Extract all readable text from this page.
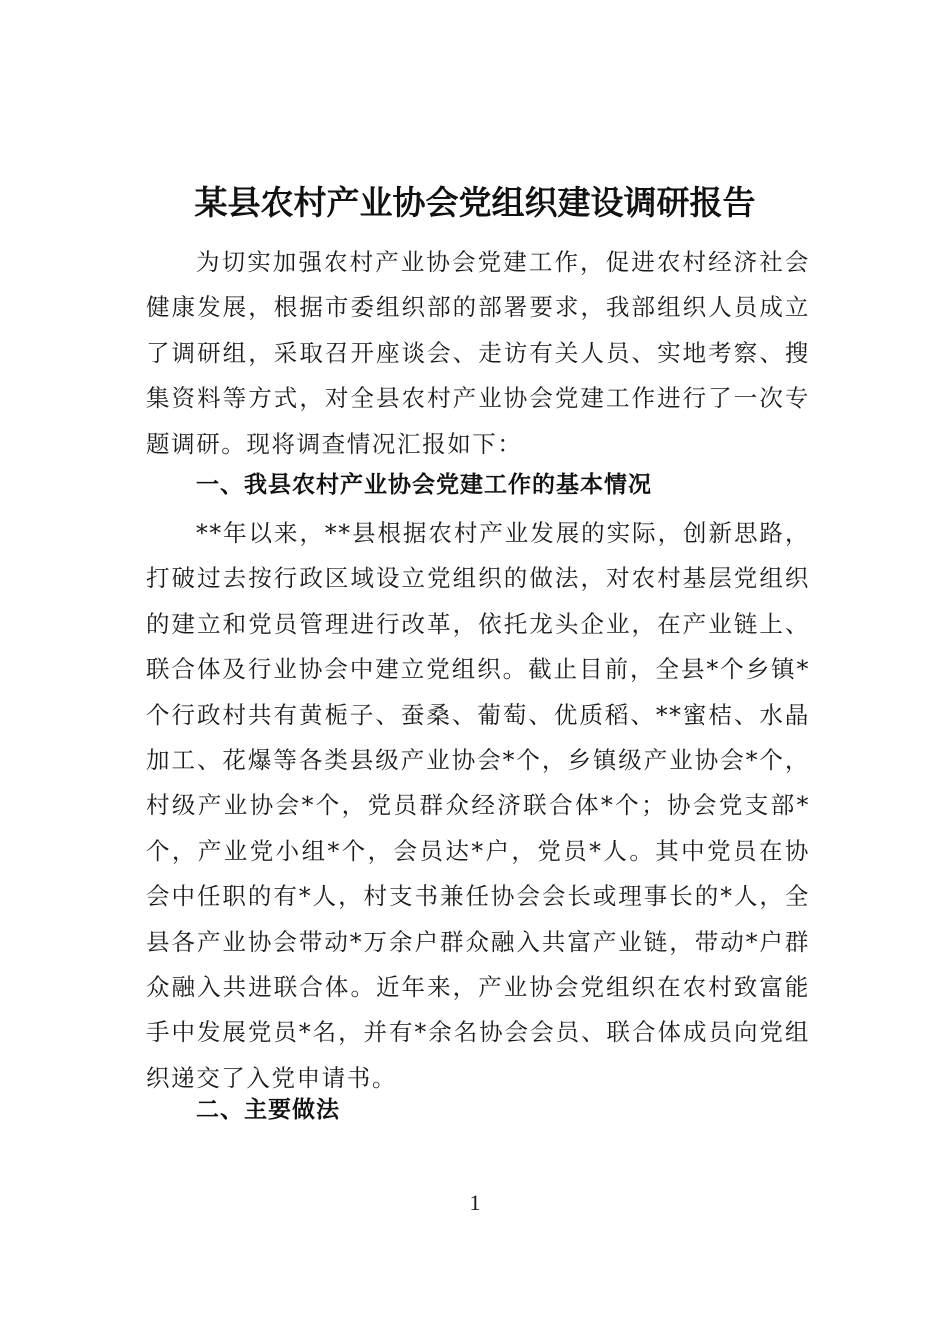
某县农村产业协会党组织建设调研报告

为切实加强农村产业协会党建工作，促进农村经济社会健康发展，根据市委组织部的部署要求，我部组织人员成立了调研组，采取召开座谈会、走访有关人员、实地考察、搜集资料等方式，对全县农村产业协会党建工作进行了一次专题调研。现将调查情况汇报如下：

一、我县农村产业协会党建工作的基本情况

**年以来，**县根据农村产业发展的实际，创新思路，打破过去按行政区域设立党组织的做法，对农村基层党组织的建立和党员管理进行改革，依托龙头企业，在产业链上、联合体及行业协会中建立党组织。截止目前，全县*个乡镇*个行政村共有黄栀子、蚕桑、葡萄、优质稻、**蜜桔、水晶加工、花爆等各类县级产业协会*个，乡镇级产业协会*个，村级产业协会*个，党员群众经济联合体*个；协会党支部*个，产业党小组*个，会员达*户，党员*人。其中党员在协会中任职的有*人，村支书兼任协会会长或理事长的*人，全县各产业协会带动*万余户群众融入共富产业链，带动*户群众融入共进联合体。近年来，产业协会党组织在农村致富能手中发展党员*名，并有*余名协会会员、联合体成员向党组织递交了入党申请书。

二、主要做法

1
